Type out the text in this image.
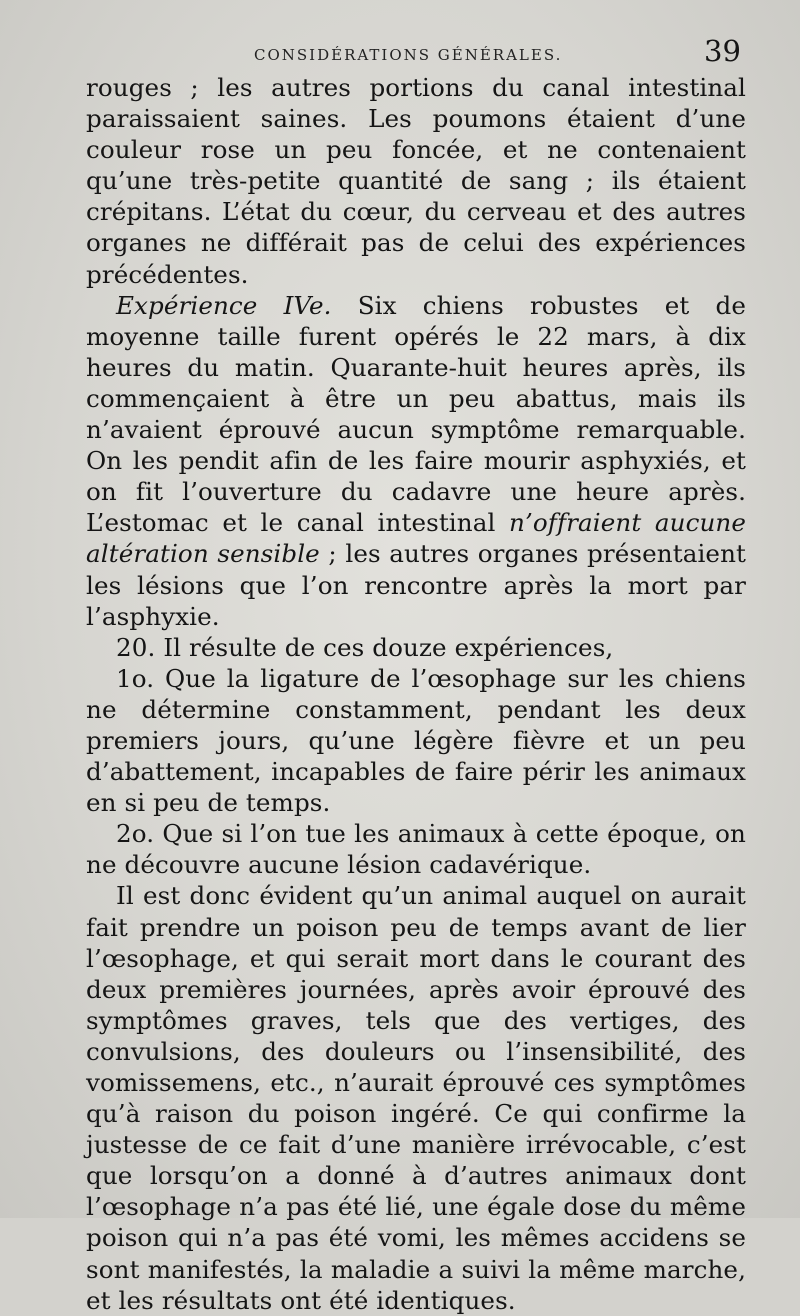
CONSIDÉRATIONS GÉNÉRALES.	39

rouges ; les autres portions du canal intestinal paraissaient saines. Les poumons étaient d’une couleur rose un peu foncée, et ne contenaient qu’une très-petite quantité de sang ; ils étaient crépitans. L’état du cœur, du cerveau et des autres organes ne différait pas de celui des expériences précédentes.

Expérience IVe. Six chiens robustes et de moyenne taille furent opérés le 22 mars, à dix heures du matin. Quarante-huit heures après, ils commençaient à être un peu abattus, mais ils n’avaient éprouvé aucun symptôme remarquable. On les pendit afin de les faire mourir asphyxiés, et on fit l’ouverture du cadavre une heure après. L’estomac et le canal intestinal n’offraient aucune altération sensible ; les autres organes présentaient les lésions que l’on rencontre après la mort par l’asphyxie.

20. Il résulte de ces douze expériences,

1o. Que la ligature de l’œsophage sur les chiens ne détermine constamment, pendant les deux premiers jours, qu’une légère fièvre et un peu d’abattement, incapables de faire périr les animaux en si peu de temps.

2o. Que si l’on tue les animaux à cette époque, on ne découvre aucune lésion cadavérique.

Il est donc évident qu’un animal auquel on aurait fait prendre un poison peu de temps avant de lier l’œsophage, et qui serait mort dans le courant des deux premières journées, après avoir éprouvé des symptômes graves, tels que des vertiges, des convulsions, des douleurs ou l’insensibilité, des vomissemens, etc., n’aurait éprouvé ces symptômes qu’à raison du poison ingéré. Ce qui confirme la justesse de ce fait d’une manière irrévocable, c’est que lorsqu’on a donné à d’autres animaux dont l’œsophage n’a pas été lié, une égale dose du même poison qui n’a pas été vomi, les mêmes accidens se sont manifestés, la maladie a suivi la même marche, et les résultats ont été identiques.
